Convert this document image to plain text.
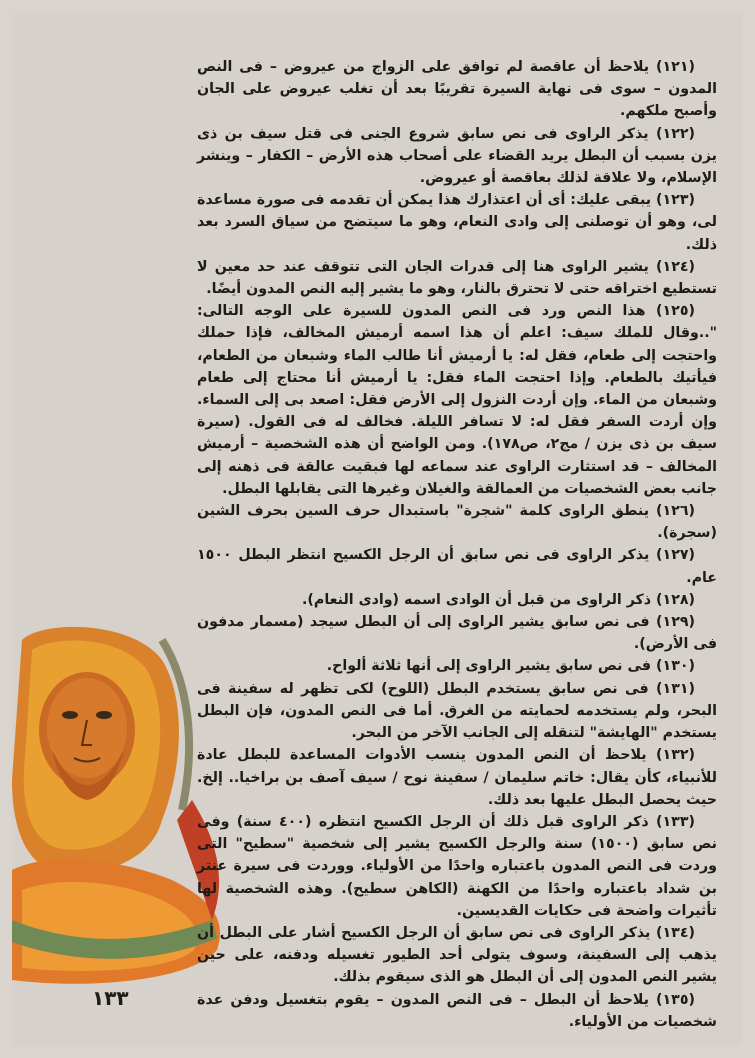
(١٢١) يلاحظ أن عاقصة لم توافق على الزواج من عيروض – فى النص المدون – سوى فى نهاية السيرة تقريبًا بعد أن تغلب عيروض على الجان وأصبح ملكهم.

(١٢٢) يذكر الراوى فى نص سابق شروع الجنى فى قتل سيف بن ذى يزن بسبب أن البطل يريد القضاء على أصحاب هذه الأرض – الكفار – وينشر الإسلام، ولا علاقة لذلك بعاقصة أو عيروض.

(١٢٣) يبقى عليك: أى أن اعتذارك هذا يمكن أن تقدمه فى صورة مساعدة لى، وهو أن توصلنى إلى وادى النعام، وهو ما سيتضح من سياق السرد بعد ذلك.

(١٢٤) يشير الراوى هنا إلى قدرات الجان التى تتوقف عند حد معين لا تستطيع اختراقه حتى لا تحترق بالنار، وهو ما يشير إليه النص المدون أيضًا.

(١٢٥) هذا النص ورد فى النص المدون للسيرة على الوجه التالى: "..وقال للملك سيف: اعلم أن هذا اسمه أرميش المخالف، فإذا حملك واحتجت إلى طعام، فقل له: يا أرميش أنا طالب الماء وشبعان من الطعام، فيأتيك بالطعام. وإذا احتجت الماء فقل: يا أرميش أنا محتاج إلى طعام وشبعان من الماء. وإن أردت النزول إلى الأرض فقل: اصعد بى إلى السماء. وإن أردت السفر فقل له: لا تسافر الليلة. فخالف له فى القول. (سيرة سيف بن ذى يزن / مج٢، ص١٧٨). ومن الواضح أن هذه الشخصية – أرميش المخالف – قد استثارت الراوى عند سماعه لها فبقيت عالقة فى ذهنه إلى جانب بعض الشخصيات من العمالقة والغيلان وغيرها التى يقابلها البطل.

(١٢٦) ينطق الراوى كلمة "شجرة" باستبدال حرف السين بحرف الشين (سجرة).

(١٢٧) يذكر الراوى فى نص سابق أن الرجل الكسيح انتظر البطل ١٥٠٠ عام.

(١٢٨) ذكر الراوى من قبل أن الوادى اسمه (وادى النعام).

(١٢٩) فى نص سابق يشير الراوى إلى أن البطل سيجد (مسمار مدفون فى الأرض).

(١٣٠) فى نص سابق يشير الراوى إلى أنها ثلاثة ألواح.

(١٣١) فى نص سابق يستخدم البطل (اللوح) لكى تظهر له سفينة فى البحر، ولم يستخدمه لحمايته من الغرق. أما فى النص المدون، فإن البطل يستخدم "الهايشة" لتنقله إلى الجانب الآخر من البحر.

(١٣٢) يلاحظ أن النص المدون ينسب الأدوات المساعدة للبطل عادة للأنبياء، كأن يقال: خاتم سليمان / سفينة نوح / سيف آصف بن براخيا.. إلخ. حيث يحصل البطل عليها بعد ذلك.

(١٣٣) ذكر الراوى قبل ذلك أن الرجل الكسيح انتظره (٤٠٠ سنة) وفى نص سابق (١٥٠٠) سنة والرجل الكسيح يشير إلى شخصية "سطيح" التى وردت فى النص المدون باعتباره واحدًا من الأولياء. ووردت فى سيرة عنتر بن شداد باعتباره واحدًا من الكهنة (الكاهن سطيح). وهذه الشخصية لها تأثيرات واضحة فى حكايات القديسين.

(١٣٤) يذكر الراوى فى نص سابق أن الرجل الكسيح أشار على البطل أن يذهب إلى السفينة، وسوف يتولى أحد الطيور تغسيله ودفنه، على حين يشير النص المدون إلى أن البطل هو الذى سيقوم بذلك.

(١٣٥) يلاحظ أن البطل – فى النص المدون – يقوم بتغسيل ودفن عدة شخصيات من الأولياء.

١٣٣
